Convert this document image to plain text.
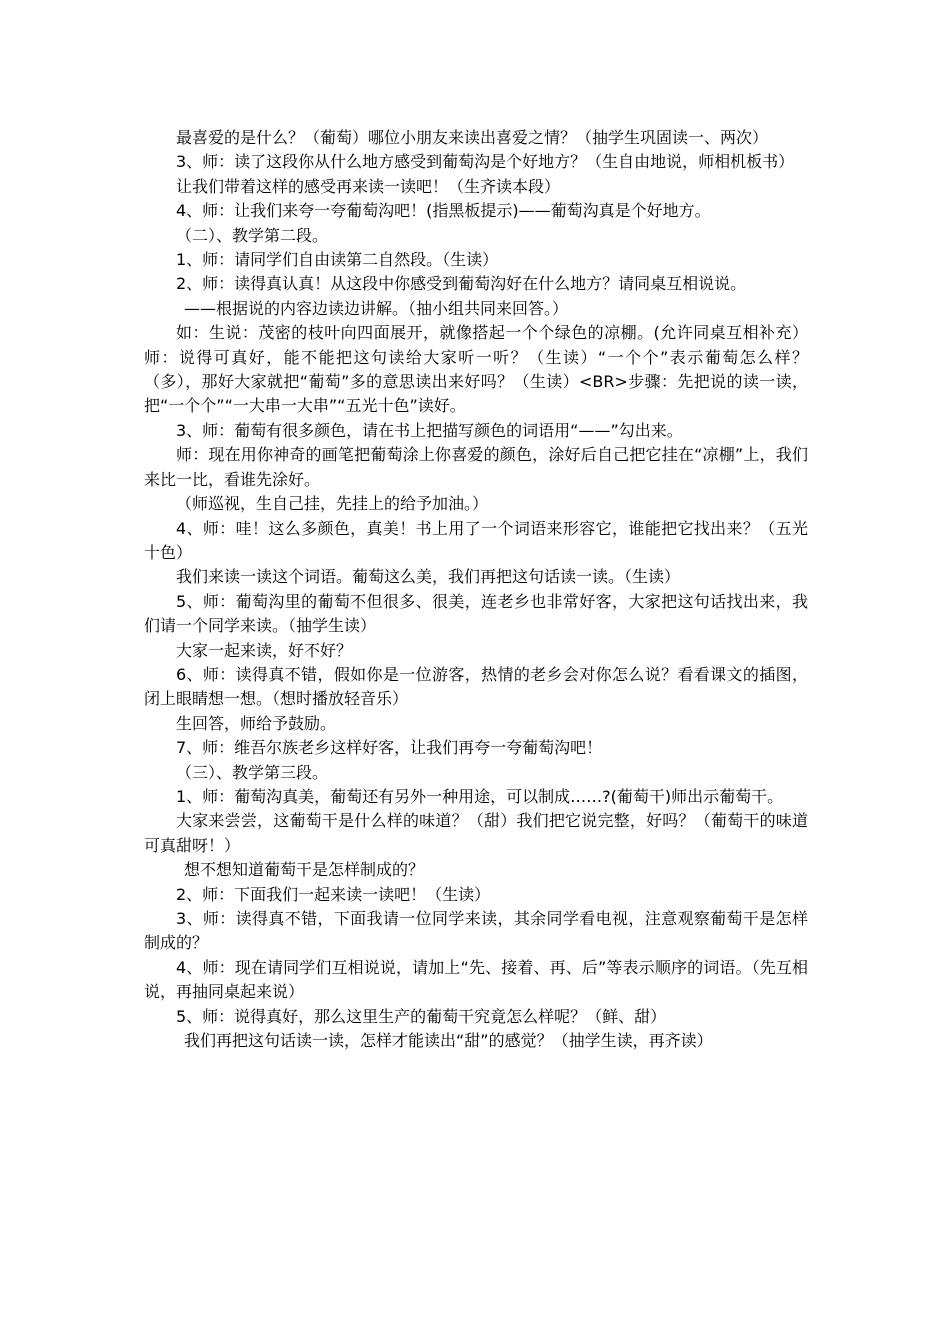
最喜爱的是什么？（葡萄）哪位小朋友来读出喜爱之情？（抽学生巩固读一、两次）

3、师：读了这段你从什么地方感受到葡萄沟是个好地方？（生自由地说，师相机板书）

让我们带着这样的感受再来读一读吧！（生齐读本段）

4、师：让我们来夸一夸葡萄沟吧！(指黑板提示)——葡萄沟真是个好地方。

（二）、教学第二段。

1、师：请同学们自由读第二自然段。（生读）

2、师：读得真认真！从这段中你感受到葡萄沟好在什么地方？请同桌互相说说。

——根据说的内容边读边讲解。（抽小组共同来回答。）

如：生说：茂密的枝叶向四面展开，就像搭起一个个绿色的凉棚。(允许同桌互相补充）师：说得可真好，能不能把这句读给大家听一听？（生读）“一个个”表示葡萄怎么样？（多），那好大家就把“葡萄”多的意思读出来好吗？（生读）<BR>步骤：先把说的读一读，把“一个个”“一大串一大串”“五光十色”读好。

3、师：葡萄有很多颜色，请在书上把描写颜色的词语用“——”勾出来。

师：现在用你神奇的画笔把葡萄涂上你喜爱的颜色，涂好后自己把它挂在“凉棚”上，我们来比一比，看谁先涂好。

（师巡视，生自己挂，先挂上的给予加油。）

4、师：哇！这么多颜色，真美！书上用了一个词语来形容它，谁能把它找出来？（五光十色）

我们来读一读这个词语。葡萄这么美，我们再把这句话读一读。（生读）

5、师：葡萄沟里的葡萄不但很多、很美，连老乡也非常好客，大家把这句话找出来，我们请一个同学来读。（抽学生读）

大家一起来读，好不好？

6、师：读得真不错，假如你是一位游客，热情的老乡会对你怎么说？看看课文的插图，闭上眼睛想一想。（想时播放轻音乐）

生回答，师给予鼓励。

7、师：维吾尔族老乡这样好客，让我们再夸一夸葡萄沟吧！

（三）、教学第三段。

1、师：葡萄沟真美，葡萄还有另外一种用途，可以制成……?(葡萄干)师出示葡萄干。

大家来尝尝，这葡萄干是什么样的味道？（甜）我们把它说完整，好吗？（葡萄干的味道可真甜呀！）

想不想知道葡萄干是怎样制成的？

2、师：下面我们一起来读一读吧！（生读）

3、师：读得真不错，下面我请一位同学来读，其余同学看电视，注意观察葡萄干是怎样制成的？

4、师：现在请同学们互相说说，请加上“先、接着、再、后”等表示顺序的词语。（先互相说，再抽同桌起来说）

5、师：说得真好，那么这里生产的葡萄干究竟怎么样呢？（鲜、甜）

我们再把这句话读一读，怎样才能读出“甜”的感觉？（抽学生读，再齐读）
